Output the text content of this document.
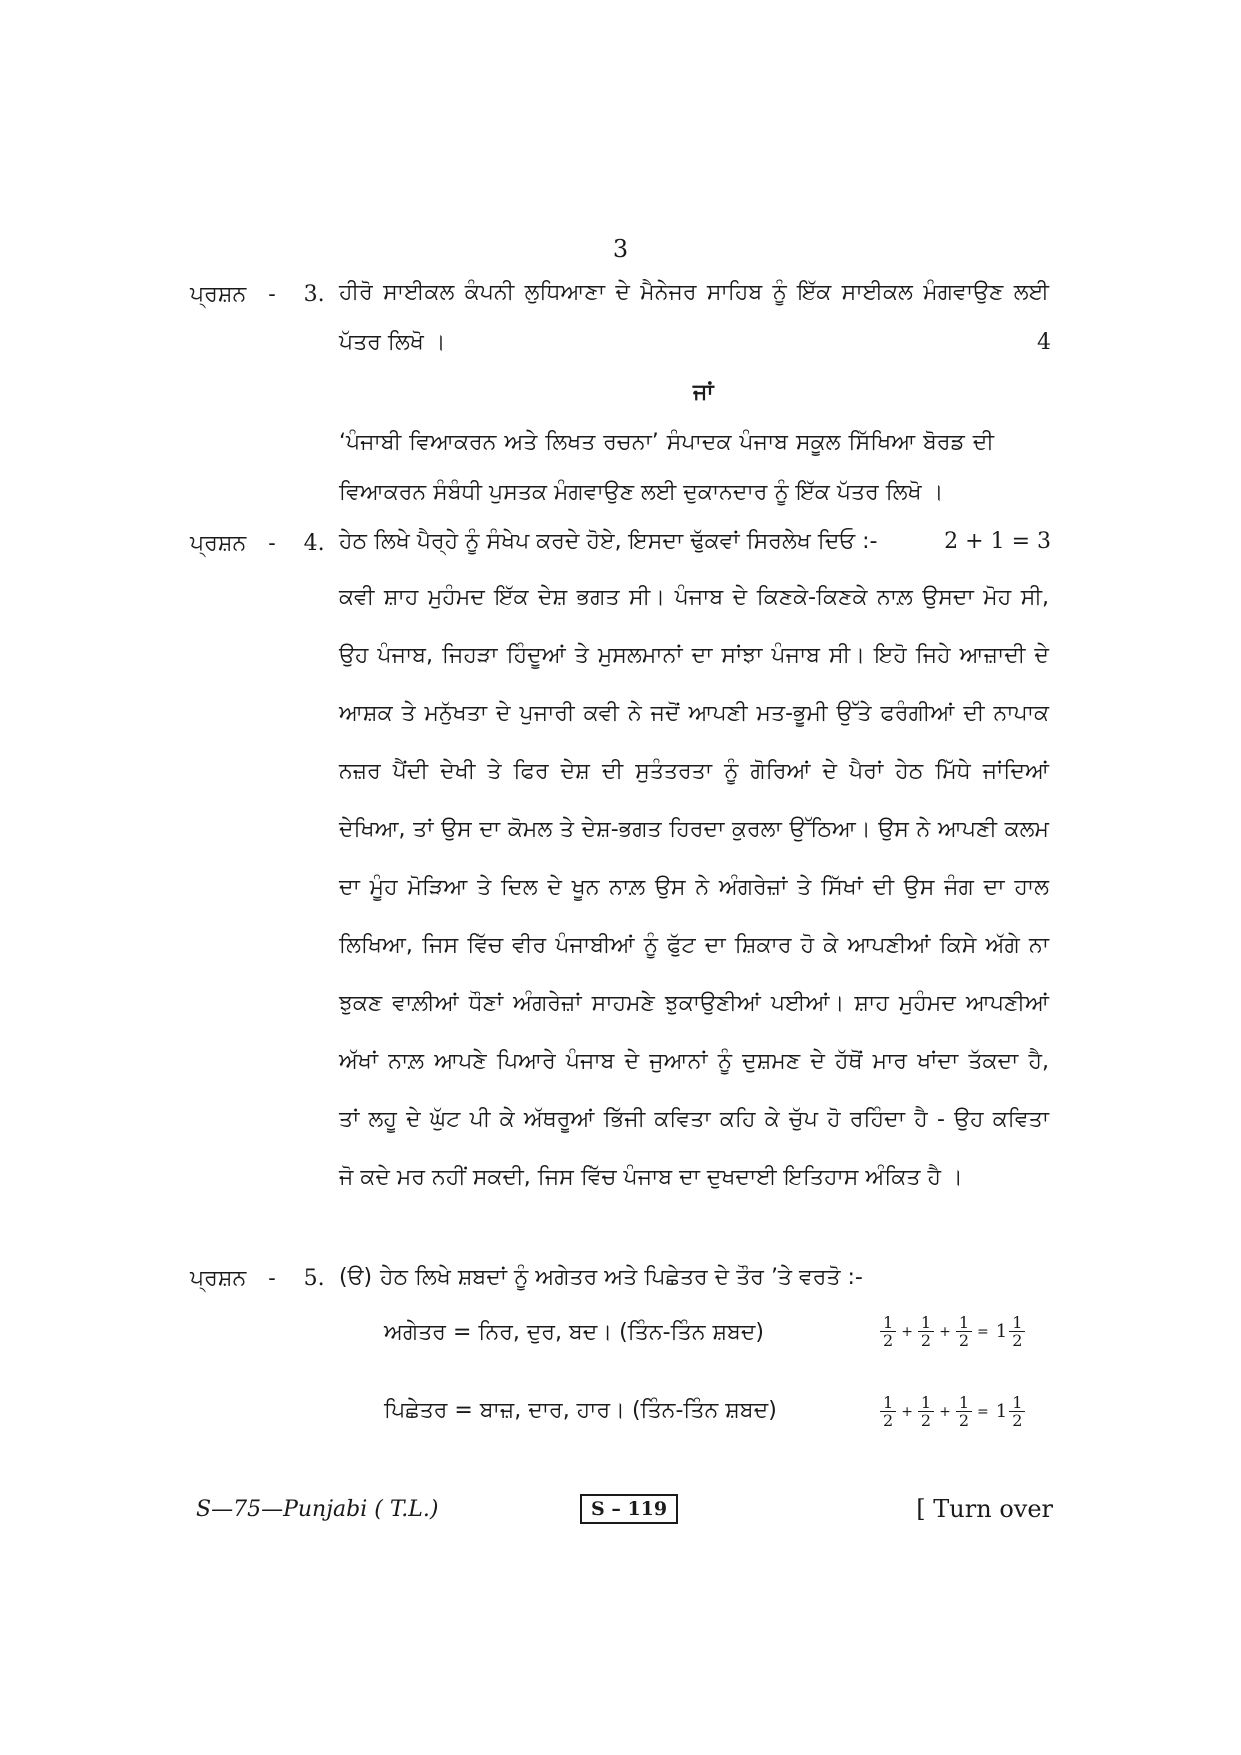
3
ਪ੍ਰਸ਼ਨ - 3. ਹੀਰੋ ਸਾਈਕਲ ਕੰਪਨੀ ਲੁਧਿਆਣਾ ਦੇ ਮੈਨੇਜਰ ਸਾਹਿਬ ਨੂੰ ਇੱਕ ਸਾਈਕਲ ਮੰਗਵਾਉਣ ਲਈ
ਪੱਤਰ ਲਿਖੋ ।	4
ਜਾਂ
‘ਪੰਜਾਬੀ ਵਿਆਕਰਨ ਅਤੇ ਲਿਖਤ ਰਚਨਾ’ ਸੰਪਾਦਕ ਪੰਜਾਬ ਸਕੂਲ ਸਿੱਖਿਆ ਬੋਰਡ ਦੀ
ਵਿਆਕਰਨ ਸੰਬੰਧੀ ਪੁਸਤਕ ਮੰਗਵਾਉਣ ਲਈ ਦੁਕਾਨਦਾਰ ਨੂੰ ਇੱਕ ਪੱਤਰ ਲਿਖੋ ।
ਪ੍ਰਸ਼ਨ - 4. ਹੇਠ ਲਿਖੇ ਪੈਰ੍ਹੇ ਨੂੰ ਸੰਖੇਪ ਕਰਦੇ ਹੋਏ, ਇਸਦਾ ਢੁੱਕਵਾਂ ਸਿਰਲੇਖ ਦਿਓ :-	2 + 1 = 3
ਕਵੀ ਸ਼ਾਹ ਮੁਹੰਮਦ ਇੱਕ ਦੇਸ਼ ਭਗਤ ਸੀ। ਪੰਜਾਬ ਦੇ ਕਿਣਕੇ-ਕਿਣਕੇ ਨਾਲ਼ ਉਸਦਾ ਮੋਹ ਸੀ,
ਉਹ ਪੰਜਾਬ, ਜਿਹੜਾ ਹਿੰਦੂਆਂ ਤੇ ਮੁਸਲਮਾਨਾਂ ਦਾ ਸਾਂਝਾ ਪੰਜਾਬ ਸੀ। ਇਹੋ ਜਿਹੇ ਆਜ਼ਾਦੀ ਦੇ
ਆਸ਼ਕ ਤੇ ਮਨੁੱਖਤਾ ਦੇ ਪੁਜਾਰੀ ਕਵੀ ਨੇ ਜਦੋਂ ਆਪਣੀ ਮਤ-ਭੂਮੀ ਉੱਤੇ ਫਰੰਗੀਆਂ ਦੀ ਨਾਪਾਕ
ਨਜ਼ਰ ਪੈਂਦੀ ਦੇਖੀ ਤੇ ਫਿਰ ਦੇਸ਼ ਦੀ ਸੁਤੰਤਰਤਾ ਨੂੰ ਗੋਰਿਆਂ ਦੇ ਪੈਰਾਂ ਹੇਠ ਮਿੱਧੇ ਜਾਂਦਿਆਂ
ਦੇਖਿਆ, ਤਾਂ ਉਸ ਦਾ ਕੋਮਲ ਤੇ ਦੇਸ਼-ਭਗਤ ਹਿਰਦਾ ਕੁਰਲਾ ਉੱਠਿਆ। ਉਸ ਨੇ ਆਪਣੀ ਕਲਮ
ਦਾ ਮੂੰਹ ਮੋੜਿਆ ਤੇ ਦਿਲ ਦੇ ਖੂਨ ਨਾਲ਼ ਉਸ ਨੇ ਅੰਗਰੇਜ਼ਾਂ ਤੇ ਸਿੱਖਾਂ ਦੀ ਉਸ ਜੰਗ ਦਾ ਹਾਲ
ਲਿਖਿਆ, ਜਿਸ ਵਿੱਚ ਵੀਰ ਪੰਜਾਬੀਆਂ ਨੂੰ ਫੁੱਟ ਦਾ ਸ਼ਿਕਾਰ ਹੋ ਕੇ ਆਪਣੀਆਂ ਕਿਸੇ ਅੱਗੇ ਨਾ
ਝੁਕਣ ਵਾਲ਼ੀਆਂ ਧੌਣਾਂ ਅੰਗਰੇਜ਼ਾਂ ਸਾਹਮਣੇ ਝੁਕਾਉਣੀਆਂ ਪਈਆਂ। ਸ਼ਾਹ ਮੁਹੰਮਦ ਆਪਣੀਆਂ
ਅੱਖਾਂ ਨਾਲ਼ ਆਪਣੇ ਪਿਆਰੇ ਪੰਜਾਬ ਦੇ ਜੁਆਨਾਂ ਨੂੰ ਦੁਸ਼ਮਣ ਦੇ ਹੱਥੋਂ ਮਾਰ ਖਾਂਦਾ ਤੱਕਦਾ ਹੈ,
ਤਾਂ ਲਹੂ ਦੇ ਘੁੱਟ ਪੀ ਕੇ ਅੱਥਰੂਆਂ ਭਿੱਜੀ ਕਵਿਤਾ ਕਹਿ ਕੇ ਚੁੱਪ ਹੋ ਰਹਿੰਦਾ ਹੈ - ਉਹ ਕਵਿਤਾ
ਜੋ ਕਦੇ ਮਰ ਨਹੀਂ ਸਕਦੀ, ਜਿਸ ਵਿੱਚ ਪੰਜਾਬ ਦਾ ਦੁਖਦਾਈ ਇਤਿਹਾਸ ਅੰਕਿਤ ਹੈ ।
ਪ੍ਰਸ਼ਨ - 5. (ੳ) ਹੇਠ ਲਿਖੇ ਸ਼ਬਦਾਂ ਨੂੰ ਅਗੇਤਰ ਅਤੇ ਪਿਛੇਤਰ ਦੇ ਤੌਰ ’ਤੇ ਵਰਤੋ :-
ਅਗੇਤਰ = ਨਿਰ, ਦੁਰ, ਬਦ। (ਤਿੰਨ-ਤਿੰਨ ਸ਼ਬਦ)	$\frac{1}{2} + \frac{1}{2} + \frac{1}{2} = 1 \frac{1}{2}$
ਪਿਛੇਤਰ = ਬਾਜ਼, ਦਾਰ, ਹਾਰ। (ਤਿੰਨ-ਤਿੰਨ ਸ਼ਬਦ)	$\frac{1}{2} + \frac{1}{2} + \frac{1}{2} = 1 \frac{1}{2}$
S—75—Punjabi ( T.L.)	S – 119	[ Turn over
